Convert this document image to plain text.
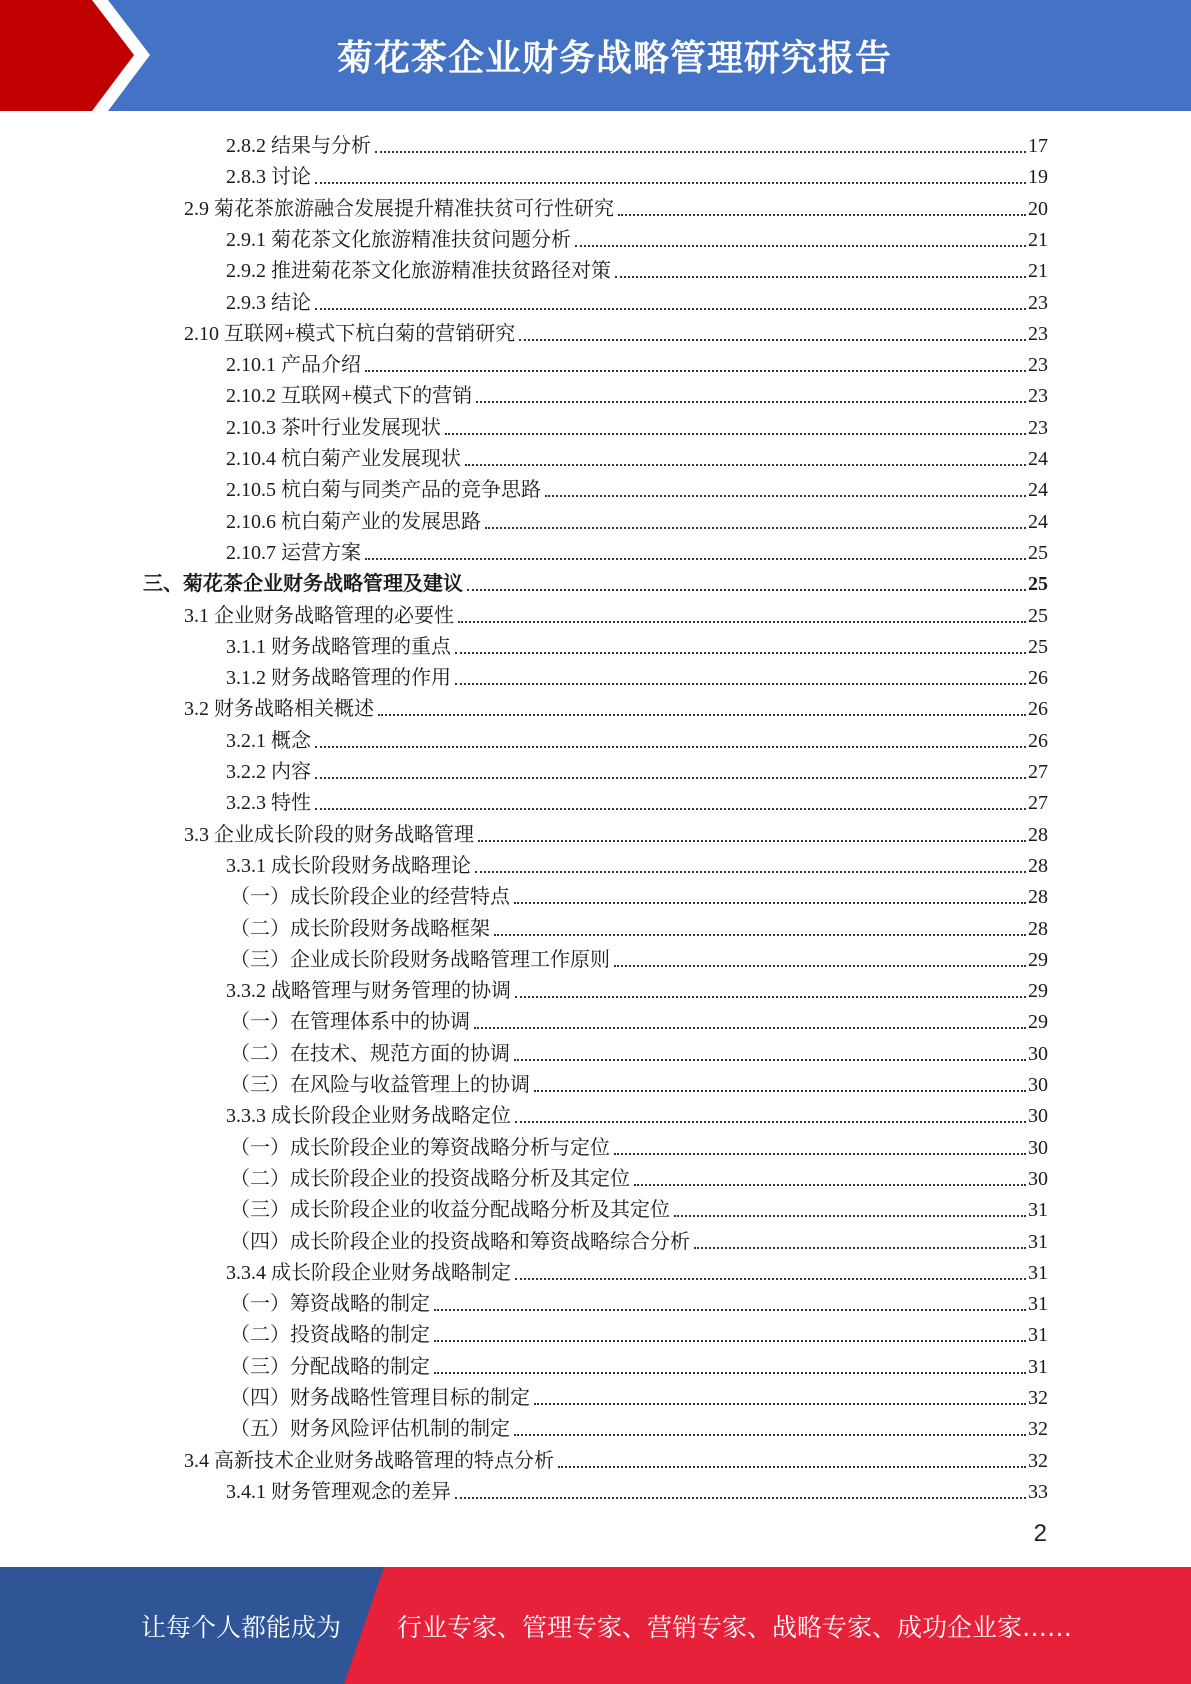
菊花茶企业财务战略管理研究报告
2.8.2 结果与分析	17
2.8.3 讨论	19
2.9 菊花茶旅游融合发展提升精准扶贫可行性研究	20
2.9.1 菊花茶文化旅游精准扶贫问题分析	21
2.9.2 推进菊花茶文化旅游精准扶贫路径对策	21
2.9.3 结论	23
2.10 互联网+模式下杭白菊的营销研究	23
2.10.1 产品介绍	23
2.10.2 互联网+模式下的营销	23
2.10.3 茶叶行业发展现状	23
2.10.4 杭白菊产业发展现状	24
2.10.5 杭白菊与同类产品的竞争思路	24
2.10.6 杭白菊产业的发展思路	24
2.10.7 运营方案	25
三、菊花茶企业财务战略管理及建议	25
3.1 企业财务战略管理的必要性	25
3.1.1 财务战略管理的重点	25
3.1.2 财务战略管理的作用	26
3.2 财务战略相关概述	26
3.2.1 概念	26
3.2.2 内容	27
3.2.3 特性	27
3.3 企业成长阶段的财务战略管理	28
3.3.1 成长阶段财务战略理论	28
（一）成长阶段企业的经营特点	28
（二）成长阶段财务战略框架	28
（三）企业成长阶段财务战略管理工作原则	29
3.3.2 战略管理与财务管理的协调	29
（一）在管理体系中的协调	29
（二）在技术、规范方面的协调	30
（三）在风险与收益管理上的协调	30
3.3.3 成长阶段企业财务战略定位	30
（一）成长阶段企业的筹资战略分析与定位	30
（二）成长阶段企业的投资战略分析及其定位	30
（三）成长阶段企业的收益分配战略分析及其定位	31
（四）成长阶段企业的投资战略和筹资战略综合分析	31
3.3.4 成长阶段企业财务战略制定	31
（一）筹资战略的制定	31
（二）投资战略的制定	31
（三）分配战略的制定	31
（四）财务战略性管理目标的制定	32
（五）财务风险评估机制的制定	32
3.4 高新技术企业财务战略管理的特点分析	32
3.4.1 财务管理观念的差异	33
2
让每个人都能成为 行业专家、管理专家、营销专家、战略专家、成功企业家……
